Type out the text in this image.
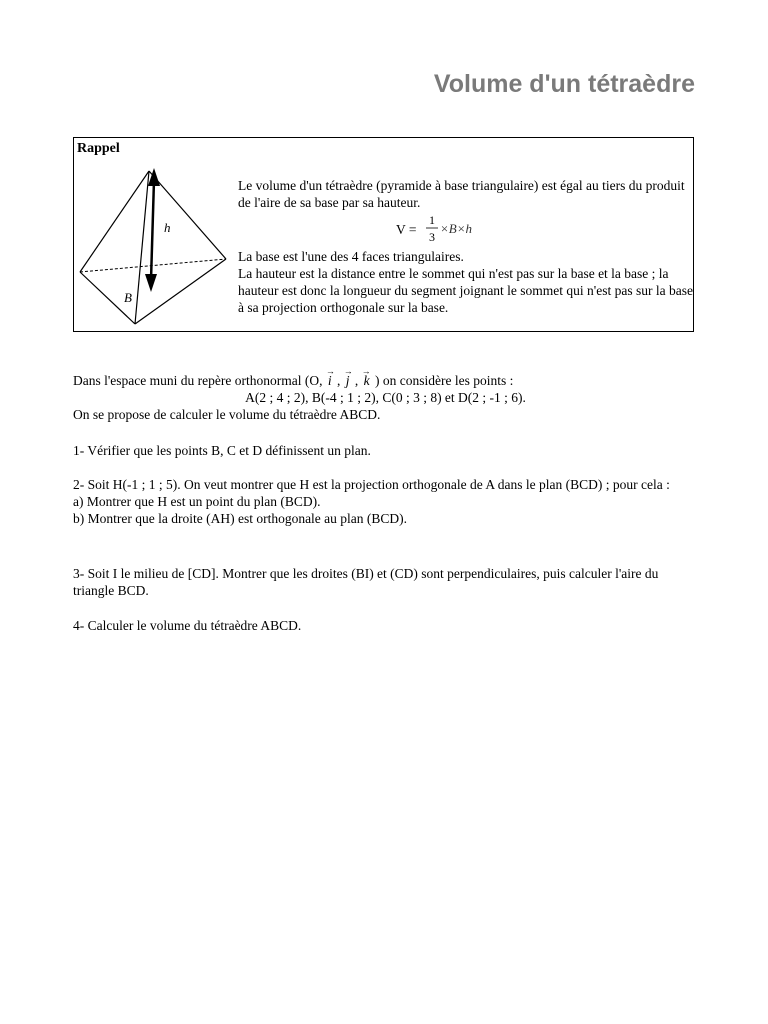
Volume d'un tétraèdre
Rappel
h
B
Le volume d'un tétraèdre (pyramide à base triangulaire) est égal au tiers du produit de l'aire de sa base par sa hauteur.
V =
1
3
×B×h
La base est l'une des 4 faces triangulaires.
La hauteur est la distance entre le sommet qui n'est pas sur la base et la base ; la hauteur est donc la longueur du segment joignant le sommet qui n'est pas sur la base à sa projection orthogonale sur la base.
Dans l'espace muni du repère orthonormal (O, → i , → j , → k ) on considère les points :
A(2 ; 4 ; 2), B(-4 ; 1 ; 2), C(0 ; 3 ; 8) et D(2 ; -1 ; 6).
On se propose de calculer le volume du tétraèdre ABCD.
1- Vérifier que les points B, C et D définissent un plan.
2- Soit H(-1 ; 1 ; 5). On veut montrer que H est la projection orthogonale de A dans le plan (BCD) ; pour cela :
a) Montrer que H est un point du plan (BCD).
b) Montrer que la droite (AH) est orthogonale au plan (BCD).
3- Soit I le milieu de [CD]. Montrer que les droites (BI) et (CD) sont perpendiculaires, puis calculer l'aire du triangle BCD.
4- Calculer le volume du tétraèdre ABCD.
